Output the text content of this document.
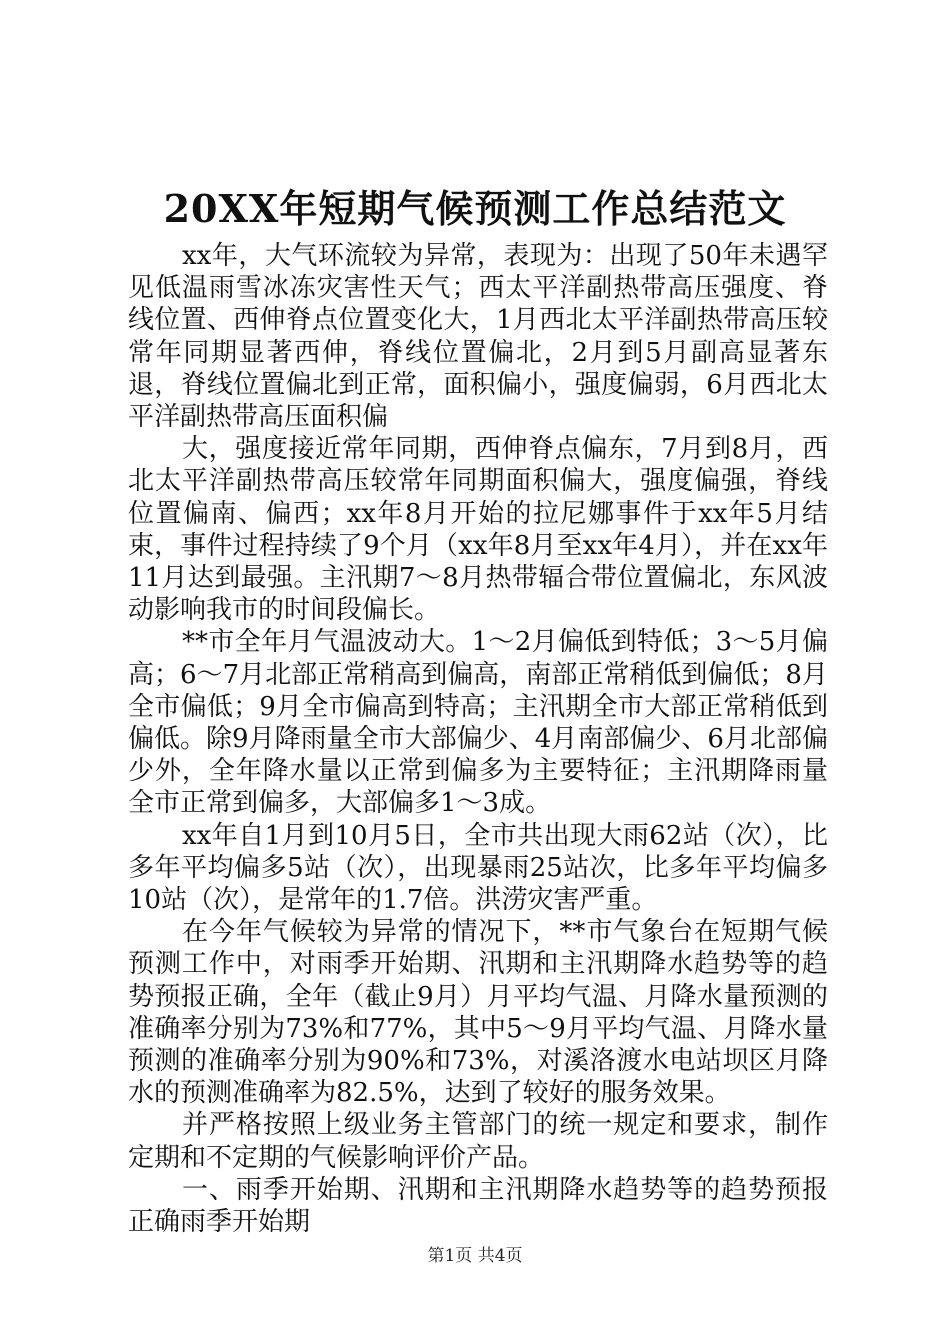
20XX年短期气候预测工作总结范文

xx年，大气环流较为异常，表现为：出现了50年未遇罕见低温雨雪冰冻灾害性天气；西太平洋副热带高压强度、脊线位置、西伸脊点位置变化大，1月西北太平洋副热带高压较常年同期显著西伸，脊线位置偏北，2月到5月副高显著东退，脊线位置偏北到正常，面积偏小，强度偏弱，6月西北太平洋副热带高压面积偏

大，强度接近常年同期，西伸脊点偏东，7月到8月，西北太平洋副热带高压较常年同期面积偏大，强度偏强，脊线位置偏南、偏西；xx年8月开始的拉尼娜事件于xx年5月结束，事件过程持续了9个月（xx年8月至xx年4月），并在xx年11月达到最强。主汛期7～8月热带辐合带位置偏北，东风波动影响我市的时间段偏长。

**市全年月气温波动大。1～2月偏低到特低；3～5月偏高；6～7月北部正常稍高到偏高，南部正常稍低到偏低；8月全市偏低；9月全市偏高到特高；主汛期全市大部正常稍低到偏低。除9月降雨量全市大部偏少、4月南部偏少、6月北部偏少外，全年降水量以正常到偏多为主要特征；主汛期降雨量全市正常到偏多，大部偏多1～3成。

xx年自1月到10月5日，全市共出现大雨62站（次），比多年平均偏多5站（次），出现暴雨25站次，比多年平均偏多10站（次），是常年的1.7倍。洪涝灾害严重。

在今年气候较为异常的情况下，**市气象台在短期气候预测工作中，对雨季开始期、汛期和主汛期降水趋势等的趋势预报正确，全年（截止9月）月平均气温、月降水量预测的准确率分别为73%和77%，其中5～9月平均气温、月降水量预测的准确率分别为90%和73%，对溪洛渡水电站坝区月降水的预测准确率为82.5%，达到了较好的服务效果。

并严格按照上级业务主管部门的统一规定和要求，制作定期和不定期的气候影响评价产品。

一、雨季开始期、汛期和主汛期降水趋势等的趋势预报正确雨季开始期

第1页 共4页
